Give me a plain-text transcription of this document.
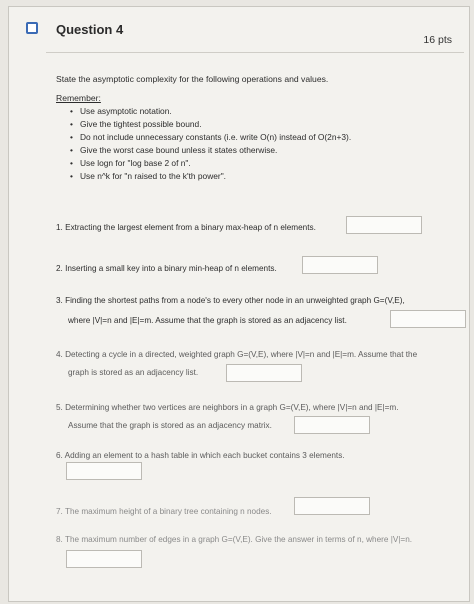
Question 4
16 pts
State the asymptotic complexity for the following operations and values.
Remember:
• Use asymptotic notation.
• Give the tightest possible bound.
• Do not include unnecessary constants (i.e. write O(n) instead of O(2n+3).
• Give the worst case bound unless it states otherwise.
• Use logn for "log base 2 of n".
• Use n^k for "n raised to the k'th power".
1. Extracting the largest element from a binary max-heap of n elements.
2. Inserting a small key into a binary min-heap of n elements.
3. Finding the shortest paths from a node's to every other node in an unweighted graph G=(V,E),
where |V|=n and |E|=m. Assume that the graph is stored as an adjacency list.
4. Detecting a cycle in a directed, weighted graph G=(V,E), where |V|=n and |E|=m. Assume that the
graph is stored as an adjacency list.
5. Determining whether two vertices are neighbors in a graph G=(V,E), where |V|=n and |E|=m.
Assume that the graph is stored as an adjacency matrix.
6. Adding an element to a hash table in which each bucket contains 3 elements.
7. The maximum height of a binary tree containing n nodes.
8. The maximum number of edges in a graph G=(V,E). Give the answer in terms of n, where |V|=n.
